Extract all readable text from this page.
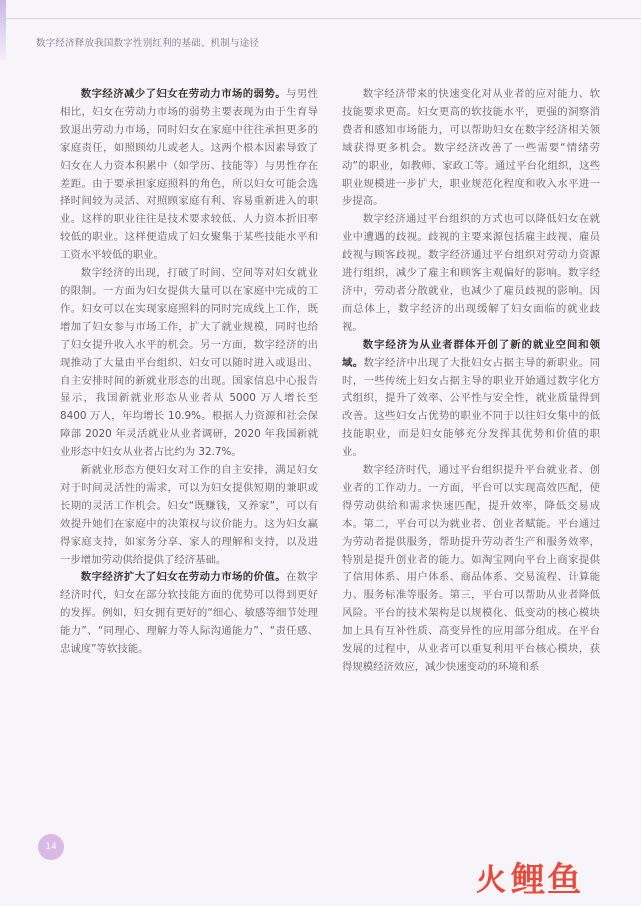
数字经济释放我国数字性别红利的基础、机制与途径

数字经济减少了妇女在劳动力市场的弱势。与男性相比，妇女在劳动力市场的弱势主要表现为由于生育导致退出劳动力市场，同时妇女在家庭中往往承担更多的家庭责任，如照顾幼儿或老人。这两个根本因素导致了妇女在人力资本积累中（如学历、技能等）与男性存在差距。由于要承担家庭照料的角色，所以妇女可能会选择时间较为灵活、对照顾家庭有利、容易重新进入的职业。这样的职业往往是技术要求较低、人力资本折旧率较低的职业。这样便造成了妇女聚集于某些技能水平和工资水平较低的职业。

数字经济的出现，打破了时间、空间等对妇女就业的限制。一方面为妇女提供大量可以在家庭中完成的工作。妇女可以在实现家庭照料的同时完成线上工作，既增加了妇女参与市场工作，扩大了就业规模，同时也给了妇女提升收入水平的机会。另一方面，数字经济的出现推动了大量由平台组织、妇女可以随时进入或退出、自主安排时间的新就业形态的出现。国家信息中心报告显示，我国新就业形态从业者从 5000 万人增长至 8400 万人，年均增长 10.9%。根据人力资源和社会保障部 2020 年灵活就业从业者调研，2020 年我国新就业形态中妇女从业者占比约为 32.7%。

新就业形态方便妇女对工作的自主安排，满足妇女对于时间灵活性的需求，可以为妇女提供短期的兼职或长期的灵活工作机会。妇女“既赚钱，又养家”，可以有效提升她们在家庭中的决策权与议价能力。这为妇女赢得家庭支持，如家务分享、家人的理解和支持，以及进一步增加劳动供给提供了经济基础。

数字经济扩大了妇女在劳动力市场的价值。在数字经济时代，妇女在部分软技能方面的优势可以得到更好的发挥。例如，妇女拥有更好的“细心、敏感等细节处理能力”、“同理心、理解力等人际沟通能力”、“责任感、忠诚度”等软技能。

数字经济带来的快速变化对从业者的应对能力、软技能要求更高。妇女更高的软技能水平，更强的洞察消费者和感知市场能力，可以帮助妇女在数字经济相关领域获得更多机会。数字经济改善了一些需要“情绪劳动”的职业，如教师、家政工等。通过平台化组织，这些职业规模进一步扩大，职业规范化程度和收入水平进一步提高。

数字经济通过平台组织的方式也可以降低妇女在就业中遭遇的歧视。歧视的主要来源包括雇主歧视、雇员歧视与顾客歧视。数字经济通过平台组织对劳动力资源进行组织，减少了雇主和顾客主观偏好的影响。数字经济中，劳动者分散就业，也减少了雇员歧视的影响。因而总体上，数字经济的出现缓解了妇女面临的就业歧视。

数字经济为从业者群体开创了新的就业空间和领域。数字经济中出现了大批妇女占据主导的新职业。同时，一些传统上妇女占据主导的职业开始通过数字化方式组织，提升了效率、公平性与安全性，就业质量得到改善。这些妇女占优势的职业不同于以往妇女集中的低技能职业，而是妇女能够充分发挥其优势和价值的职业。

数字经济时代，通过平台组织提升平台就业者、创业者的工作动力。一方面，平台可以实现高效匹配，使得劳动供给和需求快速匹配，提升效率，降低交易成本。第二，平台可以为就业者、创业者赋能。平台通过为劳动者提供服务，帮助提升劳动者生产和服务效率，特别是提升创业者的能力。如淘宝网向平台上商家提供了信用体系、用户体系、商品体系、交易流程、计算能力、服务标准等服务。第三，平台可以帮助从业者降低风险。平台的技术架构是以规模化、低变动的核心模块加上具有互补性质、高变异性的应用部分组成。在平台发展的过程中，从业者可以重复利用平台核心模块，获得规模经济效应，减少快速变动的环境和系

14
火 鲤鱼
